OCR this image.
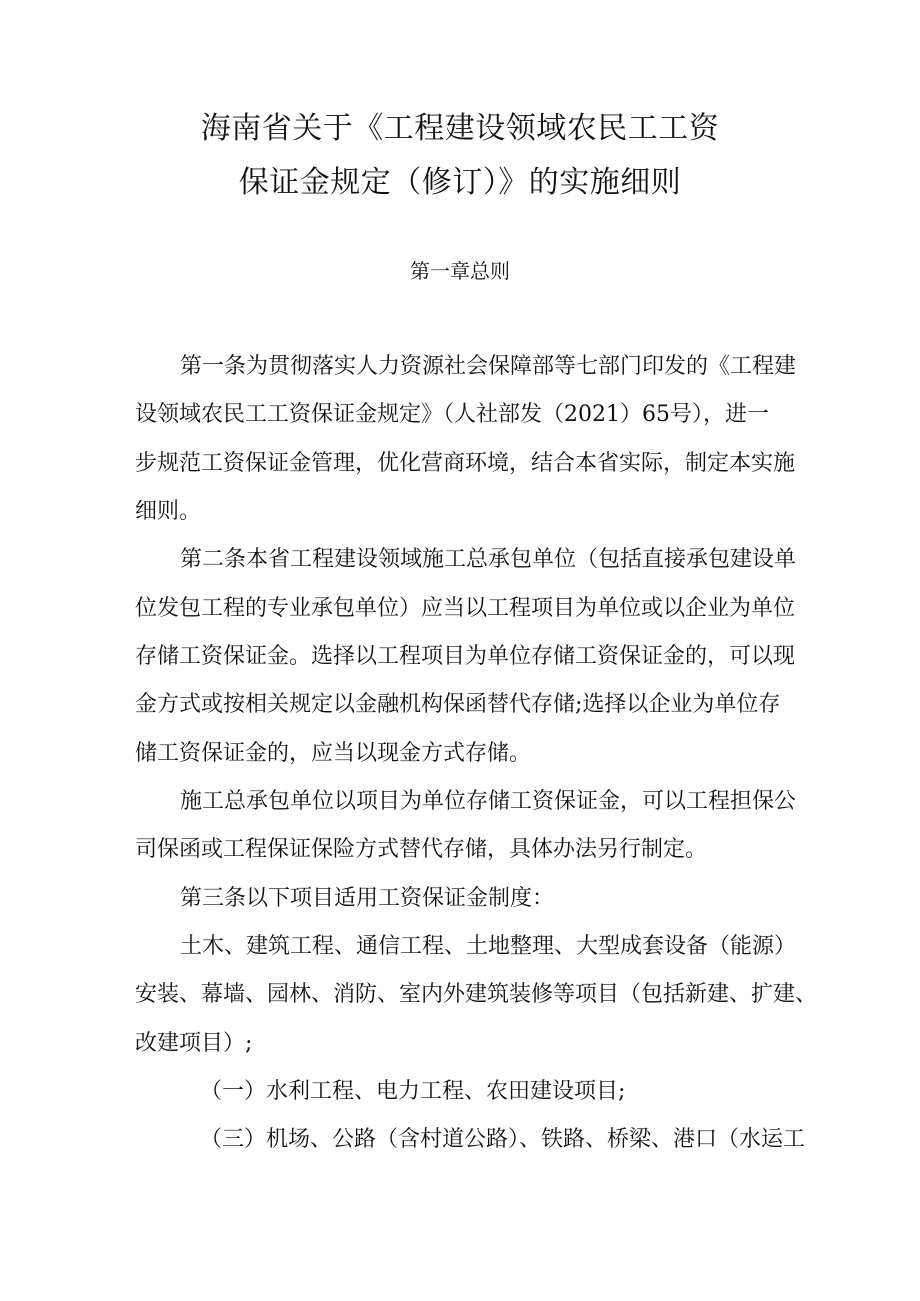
海南省关于《工程建设领域农民工工资
保证金规定（修订）》的实施细则
第一章总则
第一条为贯彻落实人力资源社会保障部等七部门印发的《工程建
设领域农民工工资保证金规定》（人社部发（2021）65号），进一
步规范工资保证金管理，优化营商环境，结合本省实际，制定本实施
细则。
第二条本省工程建设领域施工总承包单位（包括直接承包建设单
位发包工程的专业承包单位）应当以工程项目为单位或以企业为单位
存储工资保证金。选择以工程项目为单位存储工资保证金的，可以现
金方式或按相关规定以金融机构保函替代存储;选择以企业为单位存
储工资保证金的，应当以现金方式存储。
施工总承包单位以项目为单位存储工资保证金，可以工程担保公
司保函或工程保证保险方式替代存储，具体办法另行制定。
第三条以下项目适用工资保证金制度：
土木、建筑工程、通信工程、土地整理、大型成套设备（能源）
安装、幕墙、园林、消防、室内外建筑装修等项目（包括新建、扩建、
改建项目）;
（一）水利工程、电力工程、农田建设项目;
（三）机场、公路（含村道公路）、铁路、桥梁、港口（水运工
